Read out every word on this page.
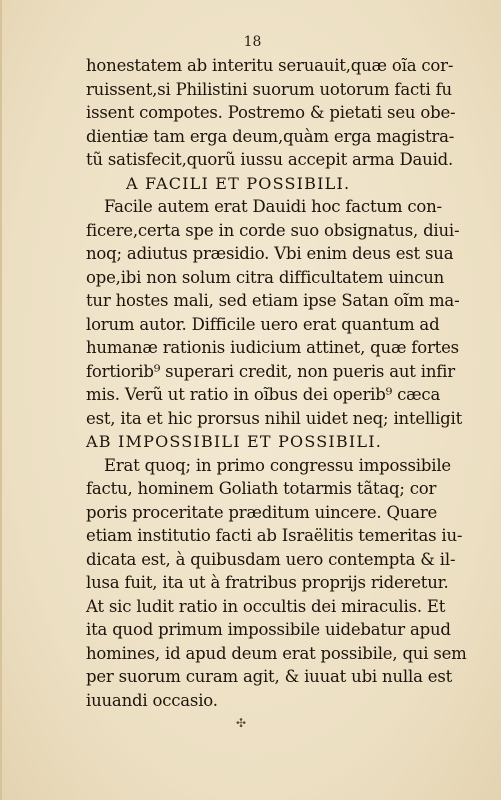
18
honestatem ab interitu seruauit,quæ oĩa cor-
ruissent,si Philistini suorum uotorum facti fu
issent compotes. Postremo & pietati seu obe-
dientiæ tam erga deum,quàm erga magistra-
tũ satisfecit,quorũ iussu accepit arma Dauid.
A FACILI ET POSSIBILI.
Facile autem erat Dauidi hoc factum con-
ficere,certa spe in corde suo obsignatus, diui-
noq; adiutus præsidio. Vbi enim deus est sua
ope,ibi non solum citra difficultatem uincun
tur hostes mali, sed etiam ipse Satan oĩm ma-
lorum autor. Difficile uero erat quantum ad
humanæ rationis iudicium attinet, quæ fortes
fortiorib⁹ superari credit, non pueris aut infir
mis. Verũ ut ratio in oĩbus dei operib⁹ cæca
est, ita et hic prorsus nihil uidet neq; intelligit
AB IMPOSSIBILI ET POSSIBILI.
Erat quoq; in primo congressu impossibile
factu, hominem Goliath totarmis tãtaq; cor
poris proceritate præditum uincere. Quare
etiam institutio facti ab Israëlitis temeritas iu-
dicata est, à quibusdam uero contempta & il-
lusa fuit, ita ut à fratribus proprijs rideretur.
At sic ludit ratio in occultis dei miraculis. Et
ita quod primum impossibile uidebatur apud
homines, id apud deum erat possibile, qui sem
per suorum curam agit, & iuuat ubi nulla est
iuuandi occasio.
✣
